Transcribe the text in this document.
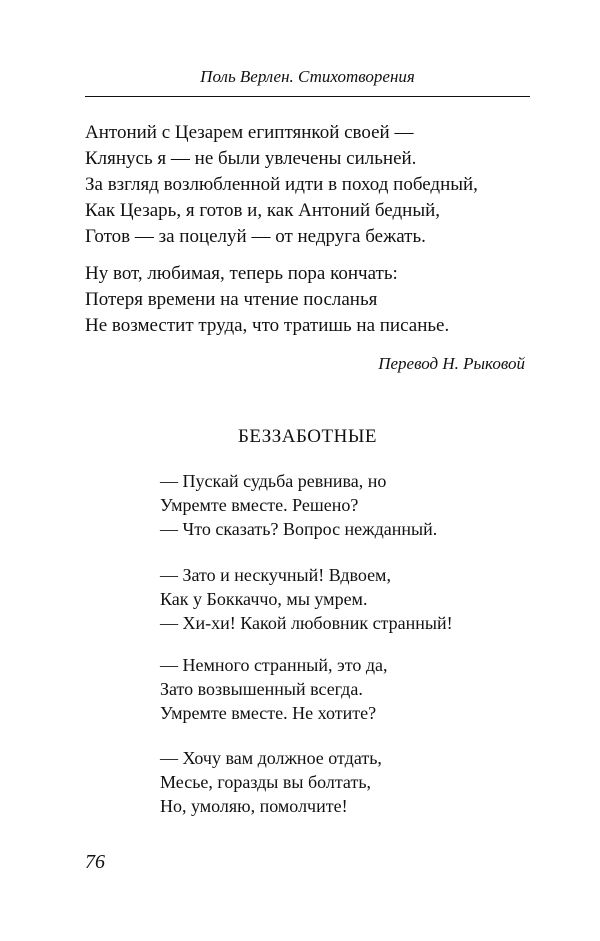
Поль Верлен. Стихотворения
Антоний с Цезарем египтянкой своей —
Клянусь я — не были увлечены сильней.
За взгляд возлюбленной идти в поход победный,
Как Цезарь, я готов и, как Антоний бедный,
Готов — за поцелуй — от недруга бежать.
Ну вот, любимая, теперь пора кончать:
Потеря времени на чтение посланья
Не возместит труда, что тратишь на писанье.
Перевод Н. Рыковой
БЕЗЗАБОТНЫЕ
— Пускай судьба ревнива, но
Умремте вместе. Решено?
— Что сказать? Вопрос нежданный.
— Зато и нескучный! Вдвоем,
Как у Боккаччо, мы умрем.
— Хи-хи! Какой любовник странный!
— Немного странный, это да,
Зато возвышенный всегда.
Умремте вместе. Не хотите?
— Хочу вам должное отдать,
Месье, горазды вы болтать,
Но, умоляю, помолчите!
76
